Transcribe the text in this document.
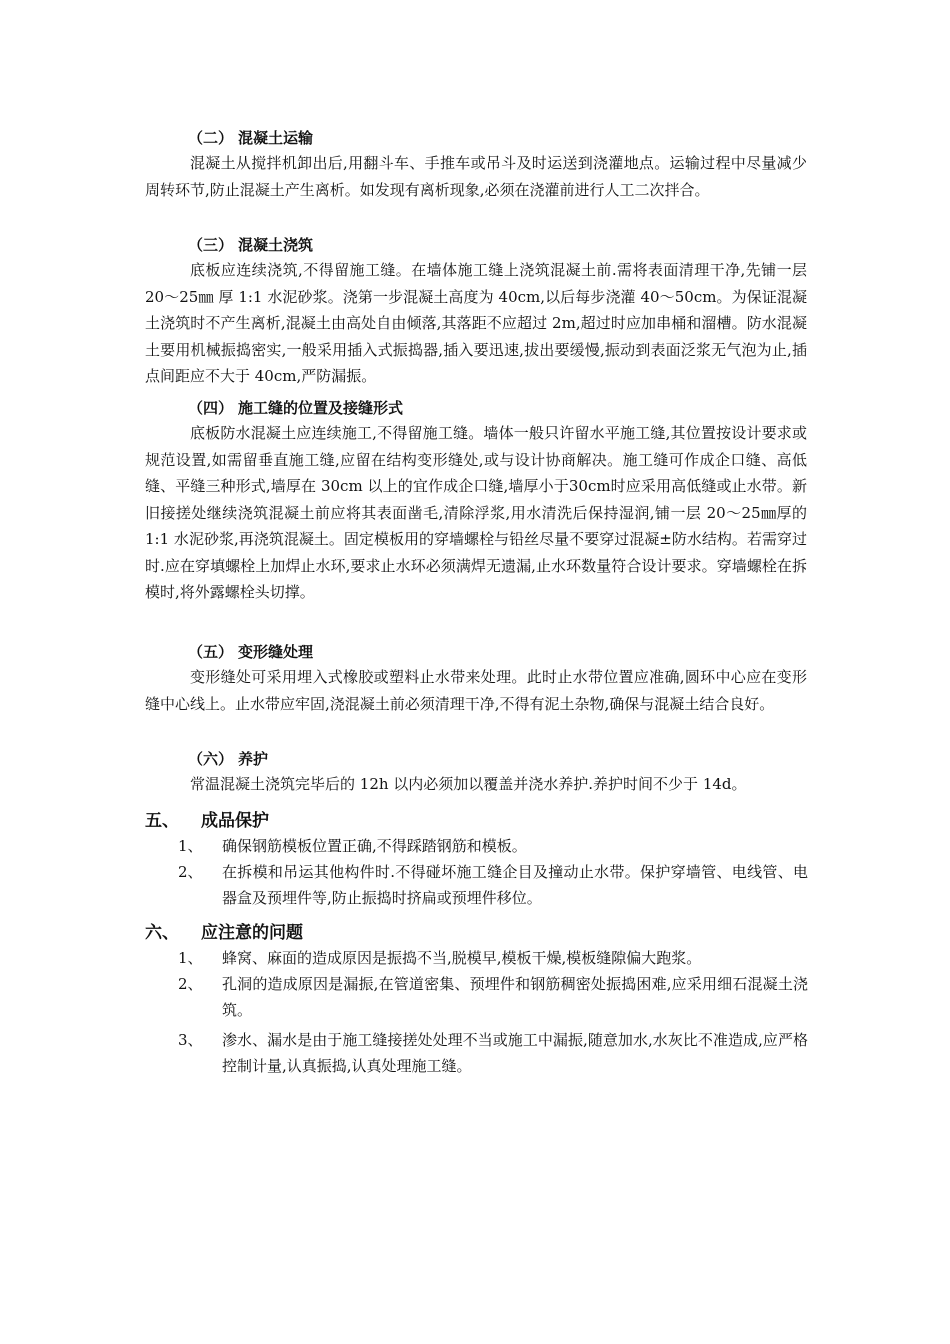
（二） 混凝土运输

混凝土从搅拌机卸出后,用翻斗车、手推车或吊斗及时运送到浇灌地点。运输过程中尽量减少周转环节,防止混凝土产生离析。如发现有离析现象,必须在浇灌前进行人工二次拌合。

（三） 混凝土浇筑

底板应连续浇筑,不得留施工缝。在墙体施工缝上浇筑混凝土前.需将表面清理干净,先铺一层 20～25㎜ 厚 1:1 水泥砂浆。浇第一步混凝土高度为 40cm,以后每步浇灌 40～50cm。为保证混凝土浇筑时不产生离析,混凝土由高处自由倾落,其落距不应超过 2m,超过时应加串桶和溜槽。防水混凝土要用机械振捣密实,一般采用插入式振捣器,插入要迅速,拔出要缓慢,振动到表面泛浆无气泡为止,插点间距应不大于 40cm,严防漏振。

（四） 施工缝的位置及接缝形式

底板防水混凝土应连续施工,不得留施工缝。墙体一般只许留水平施工缝,其位置按设计要求或规范设置,如需留垂直施工缝,应留在结构变形缝处,或与设计协商解决。施工缝可作成企口缝、高低缝、平缝三种形式,墙厚在 30cm 以上的宜作成企口缝,墙厚小于30cm时应采用高低缝或止水带。新旧接搓处继续浇筑混凝土前应将其表面凿毛,清除浮浆,用水清洗后保持湿润,铺一层 20～25㎜厚的 1:1 水泥砂浆,再浇筑混凝土。固定模板用的穿墙螺栓与铅丝尽量不要穿过混凝±防水结构。若需穿过时.应在穿填螺栓上加焊止水环,要求止水环必须满焊无遗漏,止水环数量符合设计要求。穿墙螺栓在拆模时,将外露螺栓头切撑。

（五） 变形缝处理

变形缝处可采用埋入式橡胶或塑料止水带来处理。此时止水带位置应准确,圆环中心应在变形缝中心线上。止水带应牢固,浇混凝土前必须清理干净,不得有泥土杂物,确保与混凝土结合良好。

（六） 养护

常温混凝土浇筑完毕后的 12h 以内必须加以覆盖并浇水养护.养护时间不少于 14d。

五、 成品保护
1、	确保钢筋模板位置正确,不得踩踏钢筋和模板。
2、	在拆模和吊运其他构件时.不得碰坏施工缝企目及撞动止水带。保护穿墙管、电线管、电器盒及预埋件等,防止振捣时挤扁或预埋件移位。
六、 应注意的问题
1、	蜂窝、麻面的造成原因是振捣不当,脱模早,模板干燥,模板缝隙偏大跑浆。
2、	孔洞的造成原因是漏振,在管道密集、预埋件和钢筋稠密处振捣困难,应采用细石混凝土浇筑。
3、	渗水、漏水是由于施工缝接搓处处理不当或施工中漏振,随意加水,水灰比不准造成,应严格控制计量,认真振捣,认真处理施工缝。
